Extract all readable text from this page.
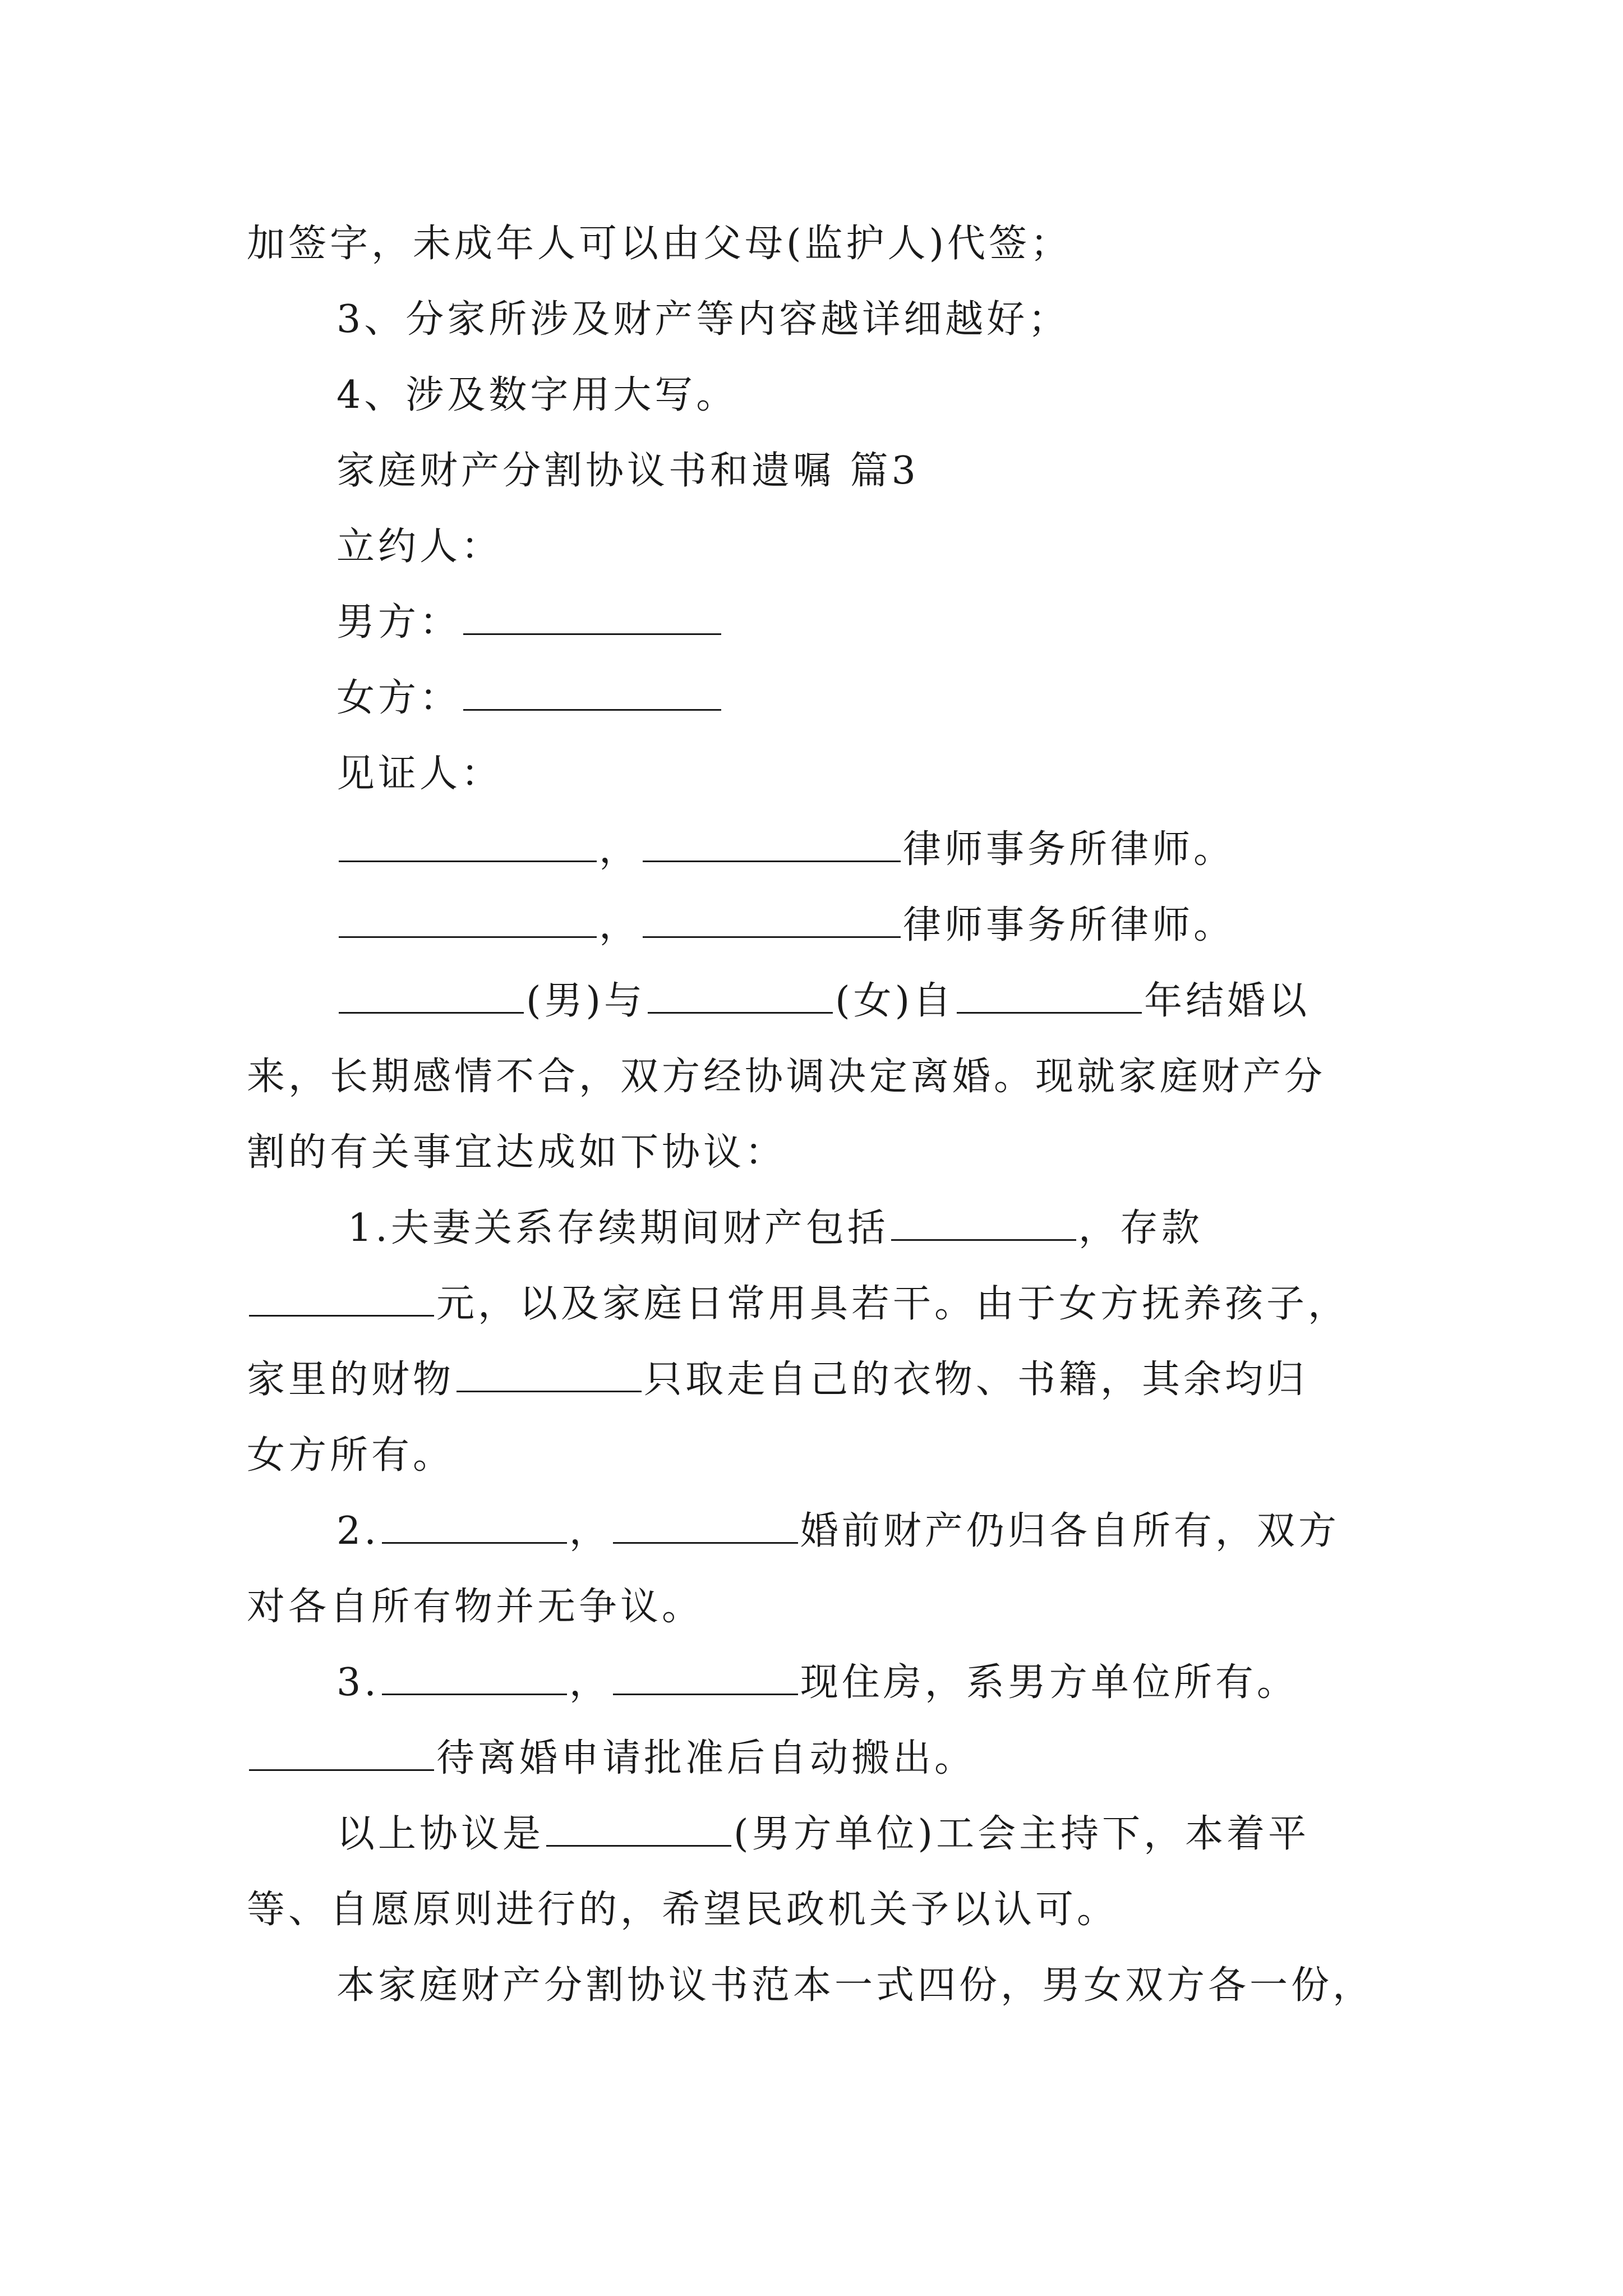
加签字，未成年人可以由父母(监护人)代签；
3、分家所涉及财产等内容越详细越好；
4、涉及数字用大写。
家庭财产分割协议书和遗嘱 篇3
立约人：
男方：
女方：
见证人：
，	律师事务所律师。
，	律师事务所律师。
(男)与	(女)自	年结婚以
来，长期感情不合，双方经协调决定离婚。现就家庭财产分
割的有关事宜达成如下协议：
1.夫妻关系存续期间财产包括	，存款
元，以及家庭日常用具若干。由于女方抚养孩子，
家里的财物	只取走自己的衣物、书籍，其余均归
女方所有。
2.	，	婚前财产仍归各自所有，双方
对各自所有物并无争议。
3.	，	现住房，系男方单位所有。
待离婚申请批准后自动搬出。
以上协议是	(男方单位)工会主持下，本着平
等、自愿原则进行的，希望民政机关予以认可。
本家庭财产分割协议书范本一式四份，男女双方各一份，
